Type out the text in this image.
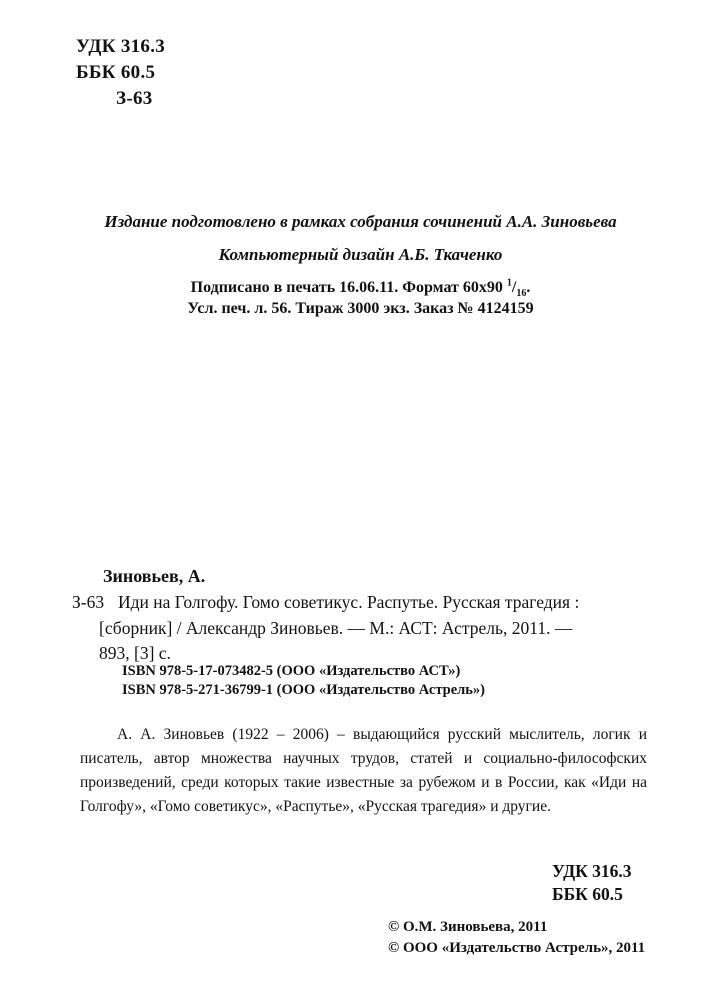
УДК 316.3
ББК 60.5
З-63
Издание подготовлено в рамках собрания сочинений А.А. Зиновьева
Компьютерный дизайн А.Б. Ткаченко
Подписано в печать 16.06.11. Формат 60х90 $^1/_{16}$.
Усл. печ. л. 56. Тираж 3000 экз. Заказ № 4124159
Зиновьев, А.
З-63 Иди на Голгофу. Гомо советикус. Распутье. Русская трагедия :
[сборник] / Александр Зиновьев. — М.: АСТ: Астрель, 2011. —
893, [3] с.
ISBN 978-5-17-073482-5 (ООО «Издательство АСТ»)
ISBN 978-5-271-36799-1 (ООО «Издательство Астрель»)

А. А. Зиновьев (1922 – 2006) – выдающийся русский мыслитель, логик и писатель, автор множества научных трудов, статей и социально-философских произведений, среди которых такие известные за рубежом и в России, как «Иди на Голгофу», «Гомо советикус», «Распутье», «Русская трагедия» и другие.

УДК 316.3
ББК 60.5
© О.М. Зиновьева, 2011
© ООО «Издательство Астрель», 2011
